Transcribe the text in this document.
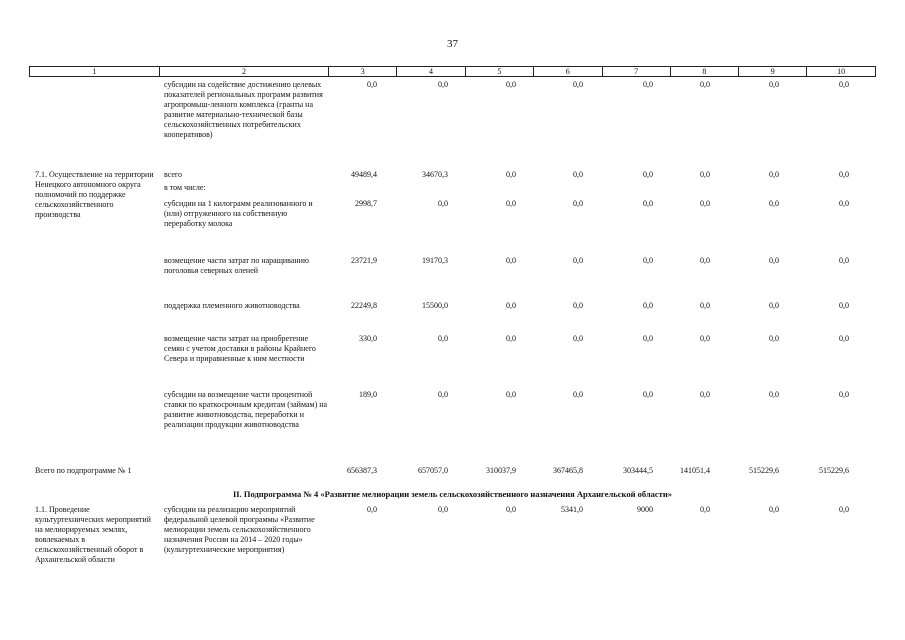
37
1	2	3	4	5	6	7	8	9	10
субсидии на содействие достижению целевых показателей региональных программ развития агропромыш-ленного комплекса (гранты на развитие материально-технической базы сельскохозяйственных потребительских кооперативов)
0,0	0,0	0,0	0,0	0,0	0,0	0,0	0,0
7.1. Осуществление на территории Ненецкого автономного округа полномочий по поддержке сельскохозяйственного производства
всего	49489,4	34670,3	0,0	0,0	0,0	0,0	0,0	0,0
в том числе:
субсидии на 1 килограмм реализованного и (или) отгруженного на собственную переработку молока
2998,7	0,0	0,0	0,0	0,0	0,0	0,0	0,0
возмещение части затрат по наращиванию поголовья северных оленей
23721,9	19170,3	0,0	0,0	0,0	0,0	0,0	0,0
поддержка племенного животноводства	22249,8	15500,0	0,0	0,0	0,0	0,0	0,0	0,0
возмещение части затрат на приобретение семян с учетом доставки в районы Крайнего Севера и приравненные к ним местности
330,0	0,0	0,0	0,0	0,0	0,0	0,0	0,0
субсидии на возмещение части процентной ставки по краткосрочным кредитам (займам) на развитие животноводства, переработки и реализации продукции животноводства
189,0	0,0	0,0	0,0	0,0	0,0	0,0	0,0
Всего по подпрограмме № 1	656387,3	657057,0	310037,9	367465,8	303444,5	141051,4	515229,6	515229,6
II. Подпрограмма № 4 «Развитие мелиорации земель сельскохозяйственного назначения Архангельской области»
1.1. Проведение культуртехнических мероприятий на мелиорируемых землях, вовлекаемых в сельскохозяйственный оборот в Архангельской области
субсидии на реализацию мероприятий федеральной целевой программы «Развитие мелиорации земель сельскохозяйственного назначения России на 2014 – 2020 годы» (культуртехнические мероприятия)
0,0	0,0	0,0	5341,0	9000	0,0	0,0	0,0
